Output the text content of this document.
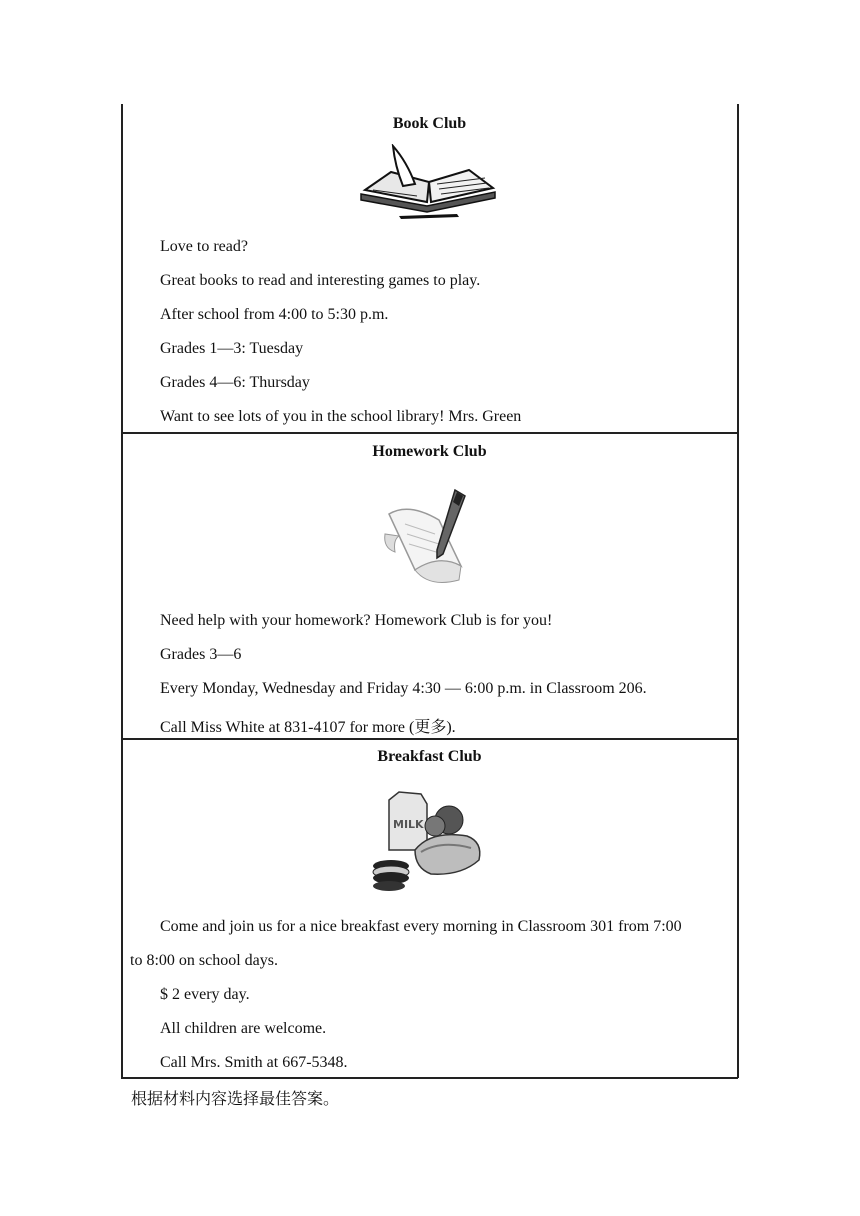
Book Club
Love to read?
Great books to read and interesting games to play.
After school from 4:00 to 5:30 p.m.
Grades 1—3: Tuesday
Grades 4—6: Thursday
Want to see lots of you in the school library! Mrs. Green
Homework Club
Need help with your homework? Homework Club is for you!
Grades 3—6
Every Monday, Wednesday and Friday 4:30 — 6:00 p.m. in Classroom 206.
Call Miss White at 831-4107 for more (更多).
Breakfast Club
MILK
Come and join us for a nice breakfast every morning in Classroom 301 from 7:00
to 8:00 on school days.
$ 2 every day.
All children are welcome.
Call Mrs. Smith at 667-5348.
根据材料内容选择最佳答案。
